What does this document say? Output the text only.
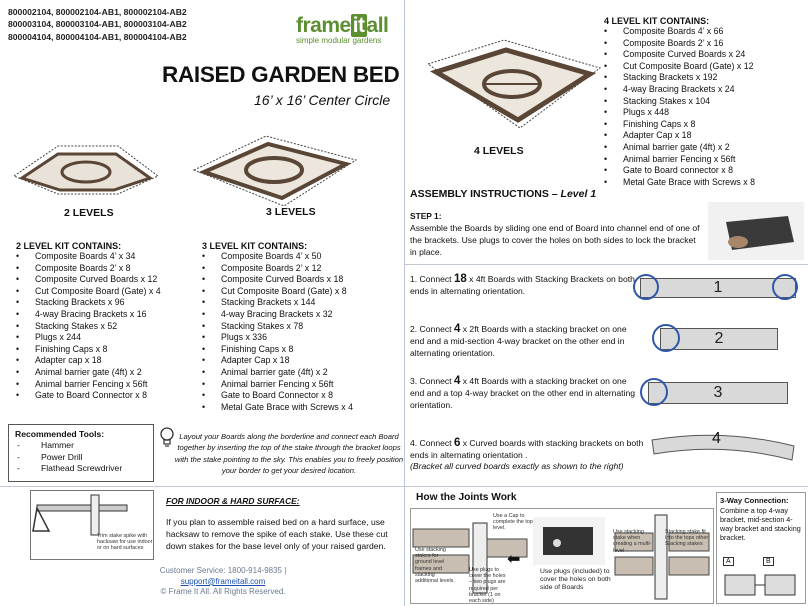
800002104, 800002104-AB1, 800002104-AB2
800003104, 800003104-AB1, 800003104-AB2
800004104, 800004104-AB1, 800004104-AB2	frameitall
simple modular gardens
RAISED GARDEN BED
16’ x 16’ Center Circle
2 LEVELS	3 LEVELS
4 LEVELS
2 LEVEL KIT CONTAINS:
• Composite Boards 4’ x 34
• Composite Boards 2’ x 8
• Composite Curved Boards x 12
• Cut Composite Board (Gate) x 4
• Stacking Brackets x 96
• 4-way Bracing Brackets x 16
• Stacking Stakes x 52
• Plugs x 244
• Finishing Caps x 8
• Adapter cap x 18
• Animal barrier gate (4ft) x 2
• Animal barrier Fencing x 56ft
• Gate to Board Connector x 8
3 LEVEL KIT CONTAINS:
• Composite Boards 4’ x 50
• Composite Boards 2’ x 12
• Composite Curved Boards x 18
• Cut Composite Board (Gate) x 8
• Stacking Brackets x 144
• 4-way Bracing Brackets x 32
• Stacking Stakes x 78
• Plugs x 336
• Finishing Caps x 8
• Adapter Cap x 18
• Animal barrier gate (4ft) x 2
• Animal barrier Fencing x 56ft
• Gate to Board Connector x 8
• Metal Gate Brace with Screws x 4
4 LEVEL KIT CONTAINS:
• Composite Boards 4’ x 66
• Composite Boards 2’ x 16
• Composite Curved Boards x 24
• Cut Composite Board (Gate) x 12
• Stacking Brackets x 192
• 4-way Bracing Brackets x 24
• Stacking Stakes x 104
• Plugs x 448
• Finishing Caps x 8
• Adapter Cap x 18
• Animal barrier gate (4ft) x 2
• Animal barrier Fencing x 56ft
• Gate to Board connector x 8
• Metal Gate Brace with Screws x 8
Recommended Tools:
- Hammer
- Power Drill
- Flathead Screwdriver
Layout your Boards along the borderline and connect each Board together by inserting the top of the stake through the bracket loops with the stake pointing to the sky. This enables you to freely position your border to get your desired location.
Trim stake spike with hacksaw for use indoor or on hard surfaces
FOR INDOOR & HARD SURFACE:
If you plan to assemble raised bed on a hard surface, use hacksaw to remove the spike of each stake. Use these cut down stakes for the base level only of your raised garden.
Customer Service: 1800-914-9835 |
support@frameitall.com
© Frame It All. All Rights Reserved.
ASSEMBLY INSTRUCTIONS – Level 1
STEP 1:
Assemble the Boards by sliding one end of Board into channel end of one of the brackets. Use plugs to cover the holes on both sides to lock the bracket in place.
1. Connect 18 x 4ft Boards with Stacking Brackets on both ends in alternating orientation.	1
2. Connect 4 x 2ft Boards with a stacking bracket on one end and a mid-section 4-way bracket on the other end in alternating orientation.
2
3. Connect 4 x 4ft Boards with a stacking bracket on one end and a top 4-way bracket on the other end in alternating orientation.
3
4. Connect 6 x Curved boards with stacking brackets on both ends in alternating orientation .
(Bracket all curved boards exactly as shown to the right)
4
How the Joints Work
Use a Cap to complete the top level.
Use stacking stakes for ground level frames and stacking additional levels.
Use plugs to cover the holes – two plugs are required per bracket (1 on each side)
⬅
Use stacking stake when creating a multi-level
Stacking stake fit into the tops other Stacking stakes
Use plugs (included) to cover the holes on both side of Boards
3-Way Connection:
Combine a top 4-way bracket, mid-section 4-way bracket and stacking bracket.
A	B
